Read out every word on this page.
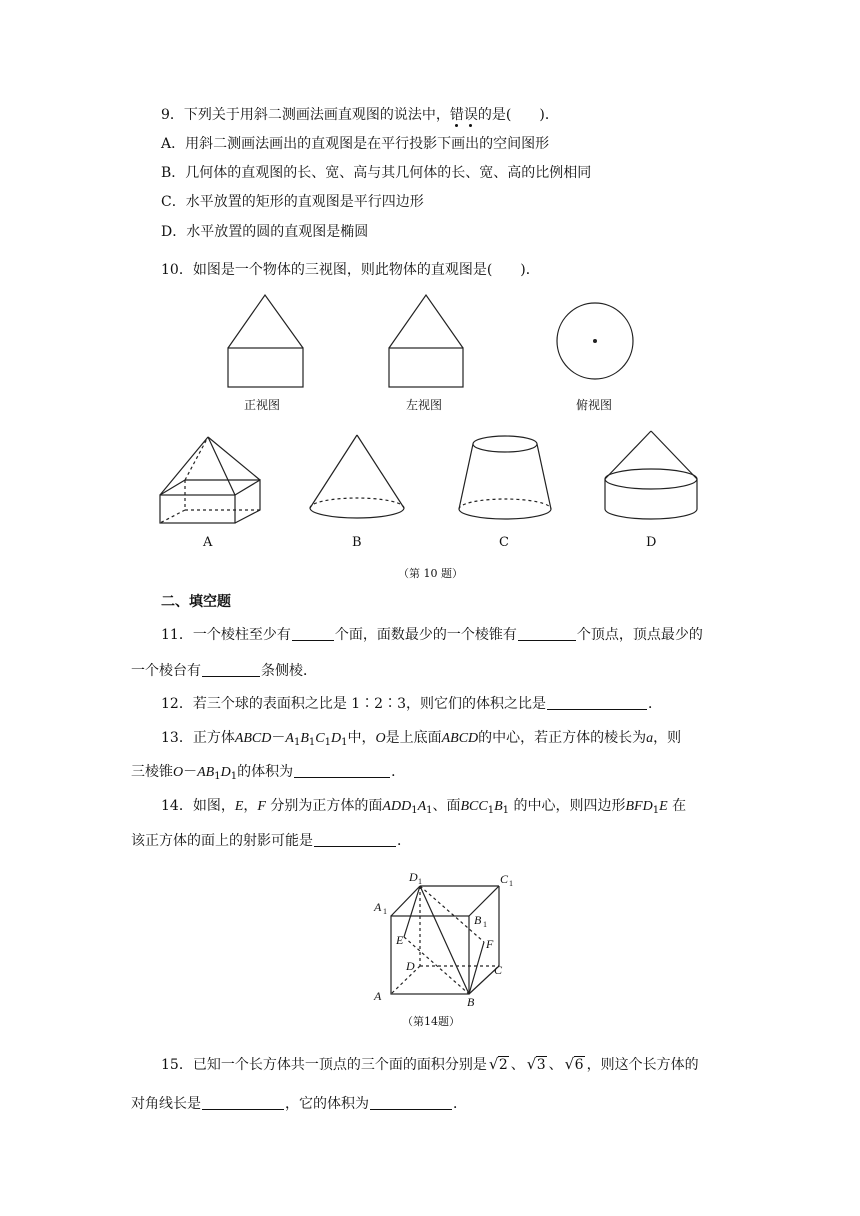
9．下列关于用斜二测画法画直观图的说法中，错误的是(　　)．
A．用斜二测画法画出的直观图是在平行投影下画出的空间图形
B．几何体的直观图的长、宽、高与其几何体的长、宽、高的比例相同
C．水平放置的矩形的直观图是平行四边形
D．水平放置的圆的直观图是椭圆
10．如图是一个物体的三视图，则此物体的直观图是(　　)．
正视图	左视图	俯视图
A	B	C	D
（第 10 题）
二、填空题
11．一个棱柱至少有	个面，面数最少的一个棱锥有	个顶点，顶点最少的
一个棱台有	条侧棱．
12．若三个球的表面积之比是 1∶2∶3，则它们的体积之比是	．
13．正方体$ABCD-A_1B_1C_1D_1$中，O是上底面ABCD的中心，若正方体的棱长为a，则
三棱锥$O-AB_1D_1$的体积为	．
14．如图，E，F 分别为正方体的面$ADD_1A_1$、面$BCC_1B_1$ 的中心，则四边形$BFD_1E$ 在
该正方体的面上的射影可能是	．
D 1	C 1
A 1
B 1
E	F
D	C
A	B
（第14题）
15．已知一个长方体共一顶点的三个面的面积分别是 √ 2 、 √ 3 、 √ 6 ，则这个长方体的
对角线长是	，它的体积为	．
